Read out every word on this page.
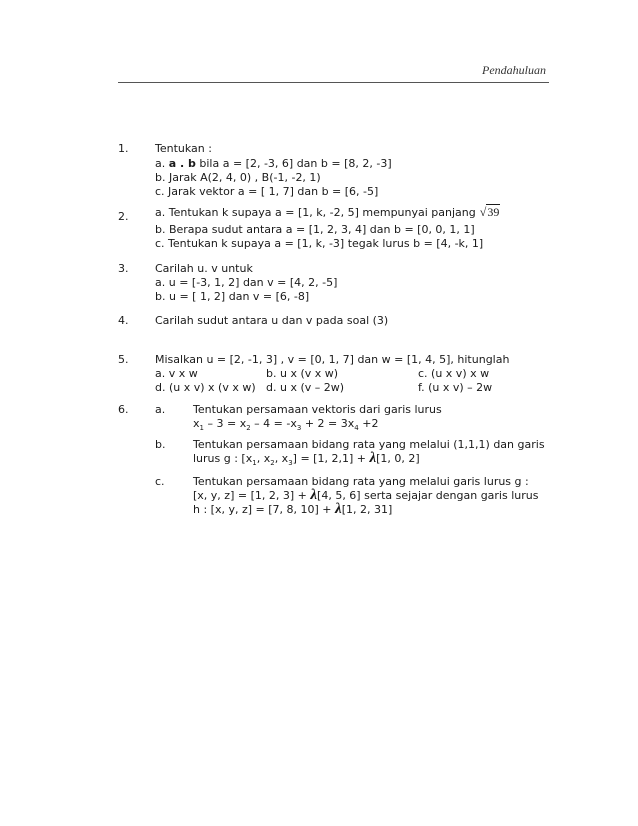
Pendahuluan
1. Tentukan :
a. a . b bila a = [2, -3, 6] dan b = [8, 2, -3]
b. Jarak A(2, 4, 0) , B(-1, -2, 1)
c. Jarak vektor a = [ 1, 7] dan b = [6, -5]
2. a. Tentukan k supaya a = [1, k, -2, 5] mempunyai panjang √39
b. Berapa sudut antara a = [1, 2, 3, 4] dan b = [0, 0, 1, 1]
c. Tentukan k supaya a = [1, k, -3] tegak lurus b = [4, -k, 1]
3. Carilah u. v untuk
a. u = [-3, 1, 2] dan v = [4, 2, -5]
b. u = [ 1, 2] dan v = [6, -8]
4. Carilah sudut antara u dan v pada soal (3)
5. Misalkan u = [2, -1, 3] , v = [0, 1, 7] dan w = [1, 4, 5], hitunglah
a. v x w	b. u x (v x w)	c. (u x v) x w
d. (u x v) x (v x w) d. u x (v – 2w)	f. (u x v) – 2w
6. a.	Tentukan persamaan vektoris dari garis lurus
$x_1 - 3 = x_2 - 4 = -x_3 + 2 = 3x_4 +2$
b.	Tentukan persamaan bidang rata yang melalui (1,1,1) dan garis
lurus g : [$x_1$, $x_2$, $x_3] = [1$, 2,1] + λ[1, 0, 2]
c.	Tentukan persamaan bidang rata yang melalui garis lurus g :
[x, y, z] = [1, 2, 3] + λ[4, 5, 6] serta sejajar dengan garis lurus
h : [x, y, z] = [7, 8, 10] + λ[1, 2, 31]
